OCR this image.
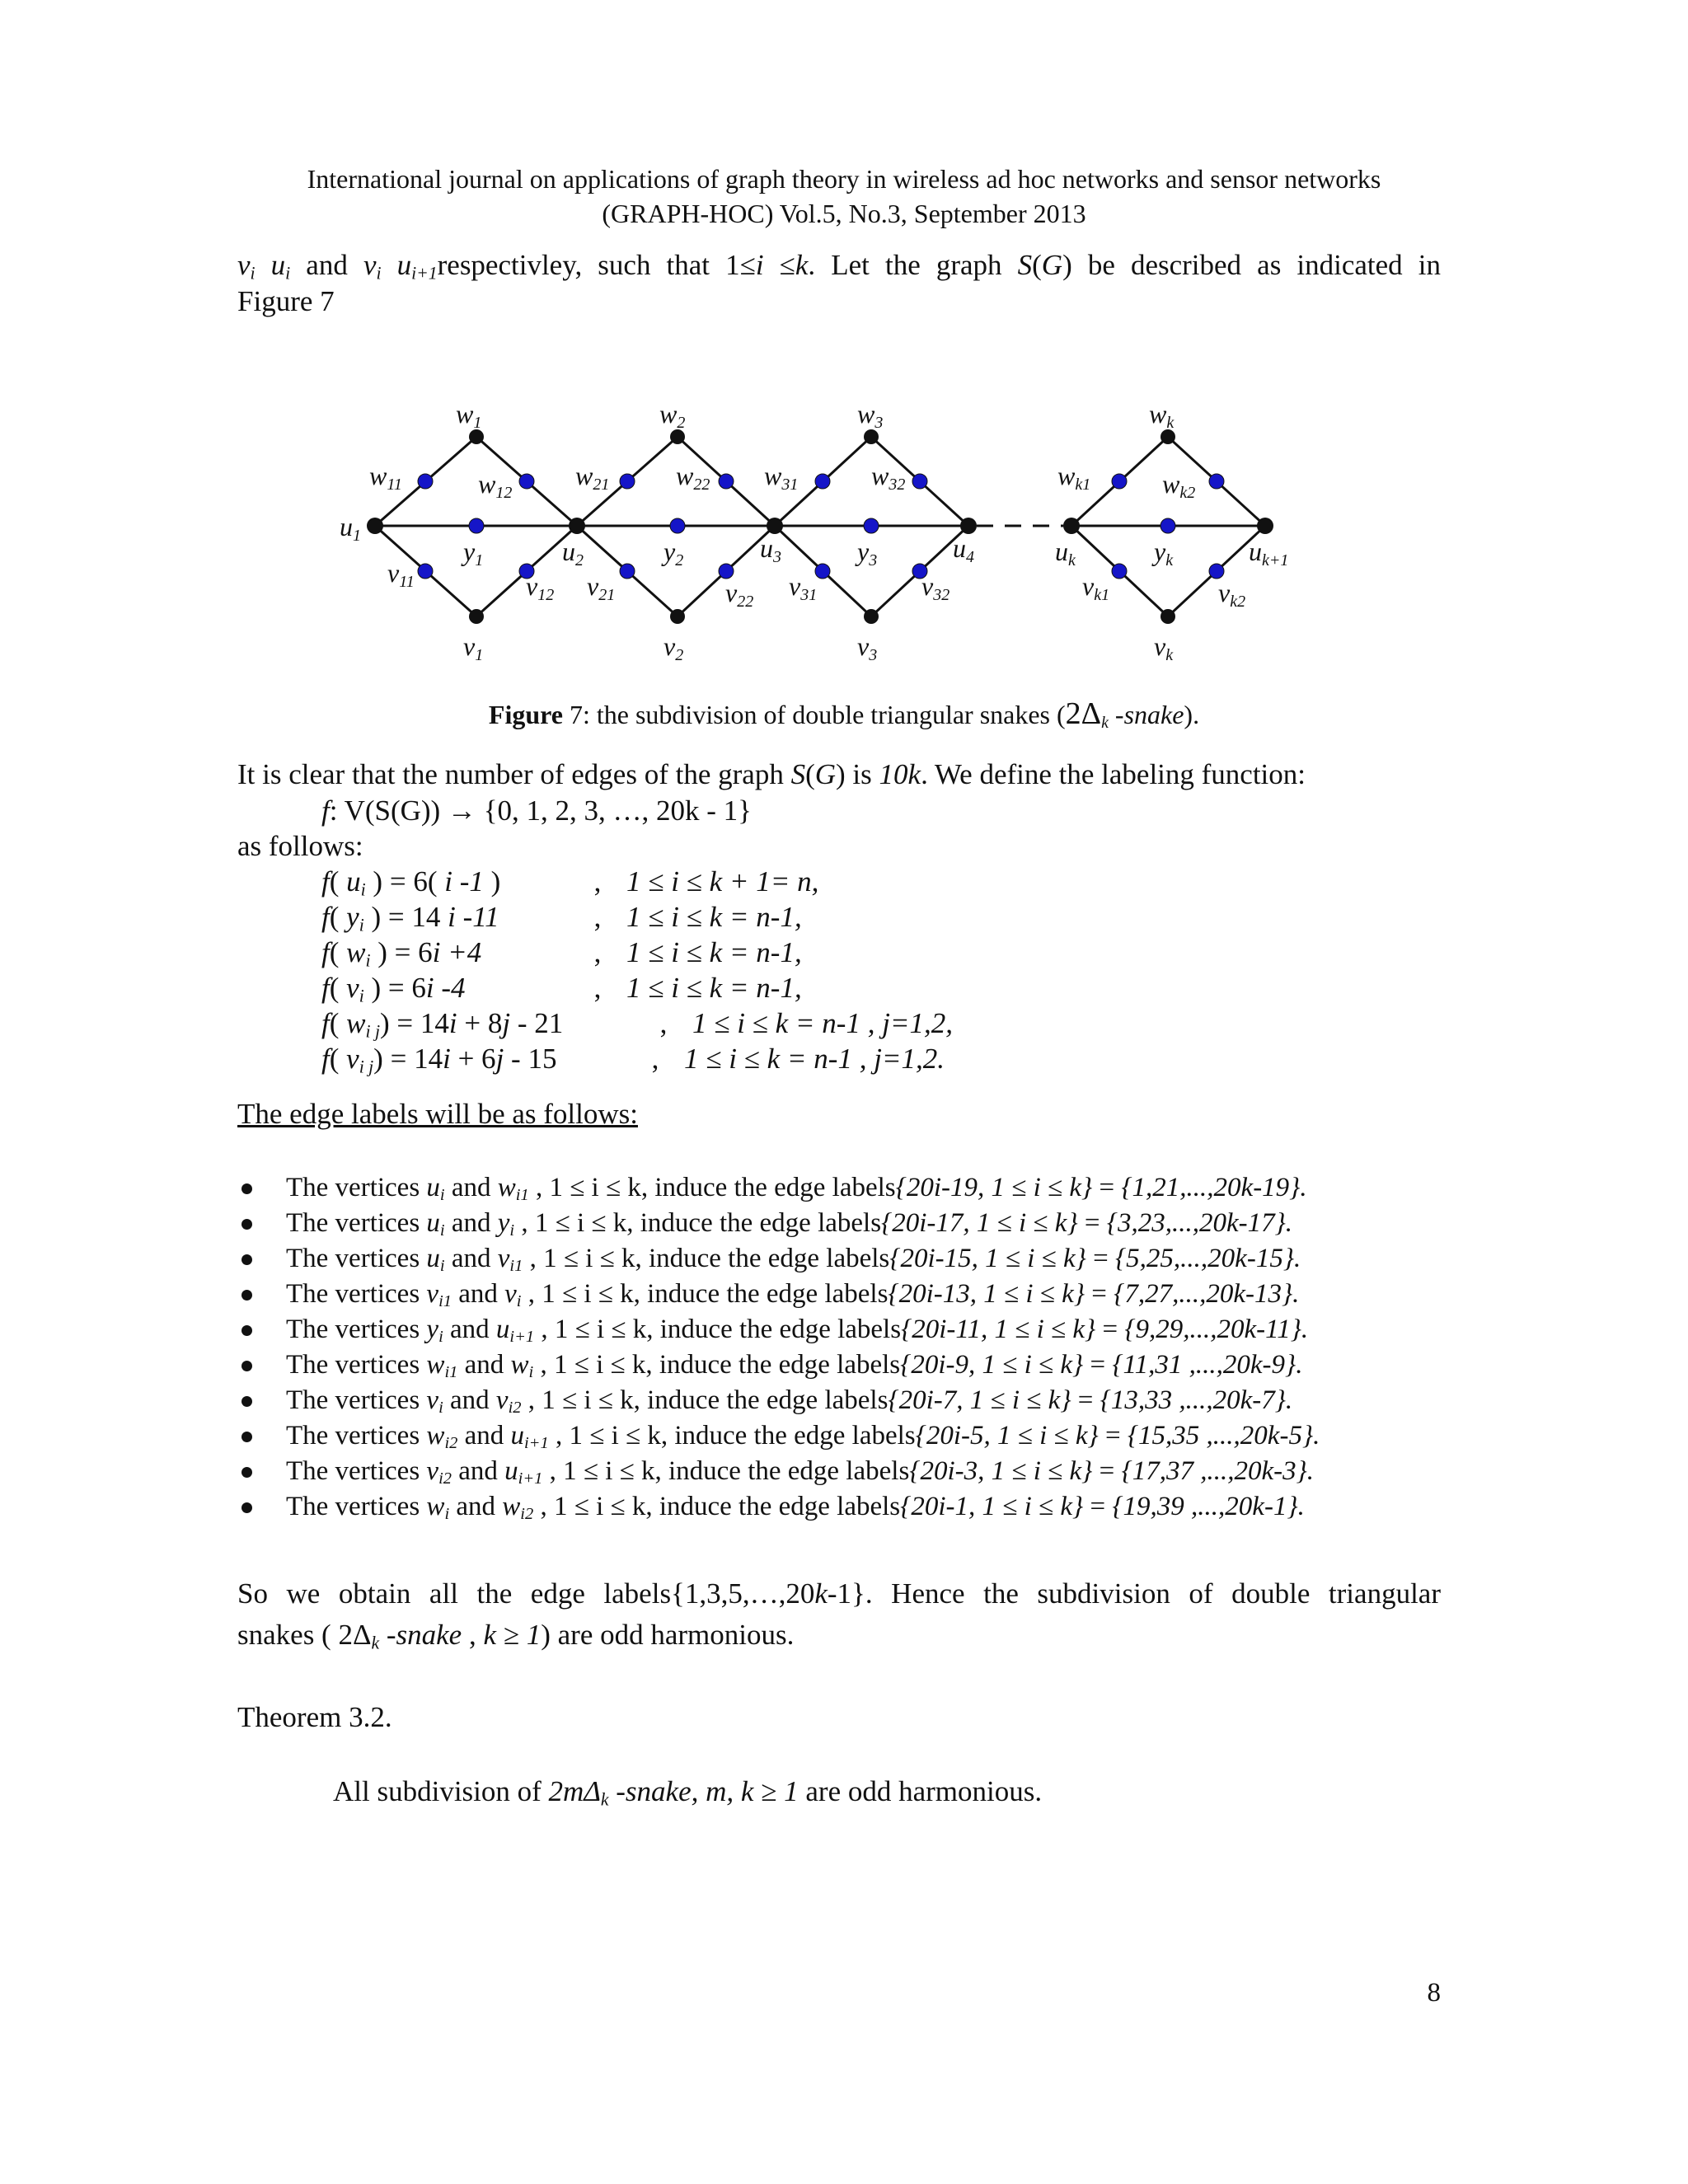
International journal on applications of graph theory in wireless ad hoc networks and sensor networks
(GRAPH-HOC) Vol.5, No.3, September 2013
$v_i$ $u_i$ and $v_i$ $u_{i+1}respectivley$, such that 1≤i ≤k. Let the graph S(G) be described as indicated in
Figure 7
w1	w2	w3	wk
w11	w12
w21	w22 w31	w32	wk1	wk2
u1
u2	u3	u4	uk	uk+1
y1	y2	y3	yk
v11	v12 v21	v22
v31	v32	vk1	vk2
v1	v2	v3	vk
Figure 7: the subdivision of double triangular snakes ($2\Delta_k$ -snake).
It is clear that the number of edges of the graph S(G) is 10k. We define the labeling function:
f: V(S(G)) → {0, 1, 2, 3, …, 20k - 1}
as follows:
f( $u_i$ ) = 6( i -1 )	, 1 ≤ i ≤ k + 1= n,
f( $y_i$ ) = 14 i -11	, 1 ≤ i ≤ k = n-1,
f( $w_i$ ) = 6i +4	, 1 ≤ i ≤ k = n-1,
f( $v_i$ ) = 6i -4	, 1 ≤ i ≤ k = n-1,
f( $w_{i j}) = 14i + 8j - 21$	, 1 ≤ i ≤ k = n-1 , j=1,2,
f( $v_{i j}) = 14i + 6j - 15$	, 1 ≤ i ≤ k = n-1 , j=1,2.
The edge labels will be as follows:
The vertices $u_i$ and $w_{i1}$ , 1 ≤ i ≤ k, induce the edge labels{20i-19, 1 ≤ i ≤ k} = {1,21,...,20k-19}.
The vertices $u_i$ and $y_i$ , 1 ≤ i ≤ k, induce the edge labels{20i-17, 1 ≤ i ≤ k} = {3,23,...,20k-17}.
The vertices $u_i$ and $v_{i1}$ , 1 ≤ i ≤ k, induce the edge labels{20i-15, 1 ≤ i ≤ k} = {5,25,...,20k-15}.
The vertices $v_{i1}$ and $v_i$ , 1 ≤ i ≤ k, induce the edge labels{20i-13, 1 ≤ i ≤ k} = {7,27,...,20k-13}.
The vertices $y_i$ and $u_{i+1}$ , 1 ≤ i ≤ k, induce the edge labels{20i-11, 1 ≤ i ≤ k} = {9,29,...,20k-11}.
The vertices $w_{i1}$ and $w_i$ , 1 ≤ i ≤ k, induce the edge labels{20i-9, 1 ≤ i ≤ k} = {11,31 ,...,20k-9}.
The vertices $v_i$ and $v_{i2}$ , 1 ≤ i ≤ k, induce the edge labels{20i-7, 1 ≤ i ≤ k} = {13,33 ,...,20k-7}.
The vertices $w_{i2}$ and $u_{i+1}$ , 1 ≤ i ≤ k, induce the edge labels{20i-5, 1 ≤ i ≤ k} = {15,35 ,...,20k-5}.
The vertices $v_{i2}$ and $u_{i+1}$ , 1 ≤ i ≤ k, induce the edge labels{20i-3, 1 ≤ i ≤ k} = {17,37 ,...,20k-3}.
The vertices $w_i$ and $w_{i2}$ , 1 ≤ i ≤ k, induce the edge labels{20i-1, 1 ≤ i ≤ k} = {19,39 ,...,20k-1}.
So we obtain all the edge labels{1,3,5,…,20k-1}. Hence the subdivision of double triangular
snakes ( $2\Delta_k$ -snake , k ≥ 1) are odd harmonious.
Theorem 3.2.
All subdivision of $2m\Delta_k$ -snake, m, k ≥ 1 are odd harmonious.
8
